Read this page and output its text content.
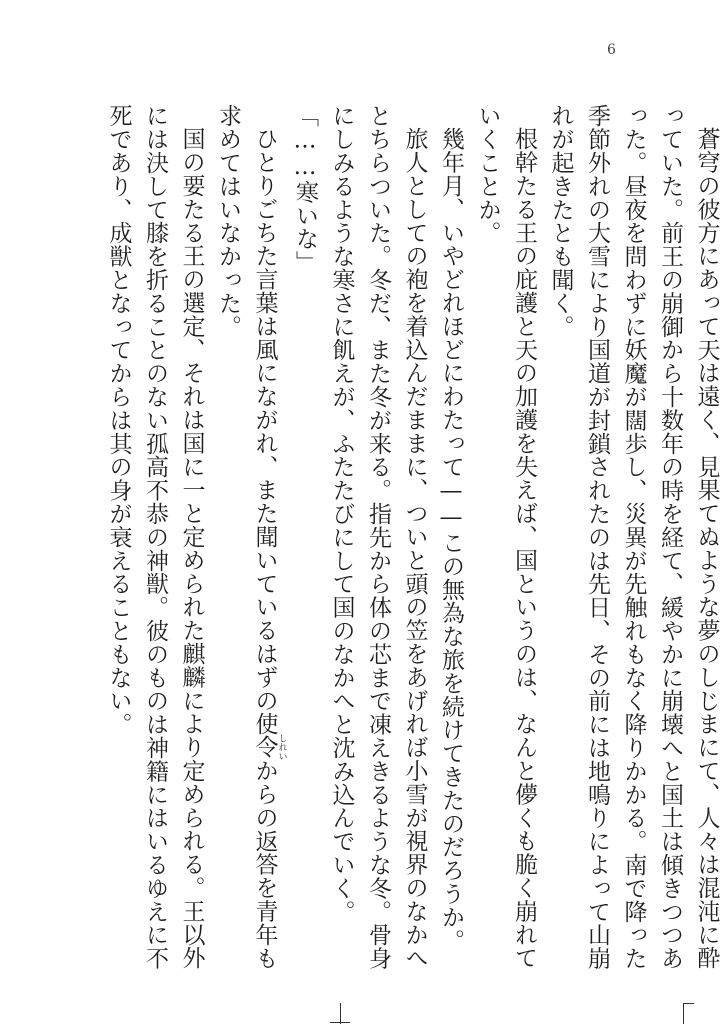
6

蒼穹の彼方にあって天は遠く、見果てぬような夢のしじまにて、人々は混沌に酔っていた。前王の崩御から十数年の時を経て、緩やかに崩壊へと国土は傾きつつあった。昼夜を問わずに妖魔が闊歩し、災異が先触れもなく降りかかる。南で降った季節外れの大雪により国道が封鎖されたのは先日、その前には地鳴りによって山崩れが起きたとも聞く。

根幹たる王の庇護と天の加護を失えば、国というのは、なんと儚くも脆く崩れていくことか。

幾年月、いやどれほどにわたって——この無為な旅を続けてきたのだろうか。

旅人としての袍を着込んだままに、ついと頭の笠をあげれば小雪が視界のなかへとちらついた。冬だ、また冬が来る。指先から体の芯まで凍えきるような冬。骨身にしみるような寒さに飢えが、ふたたびにして国のなかへと沈み込んでいく。

「……寒いな」

ひとりごちた言葉は風にながれ、また聞いているはずの使令 しれいからの返答を青年も求めてはいなかった。

国の要たる王の選定、それは国に一と定められた麒麟により定められる。王以外には決して膝を折ることのない孤高不恭の神獣。彼のものは神籍にはいるゆえに不死であり、成獣となってからは其の身が衰えることもない。
